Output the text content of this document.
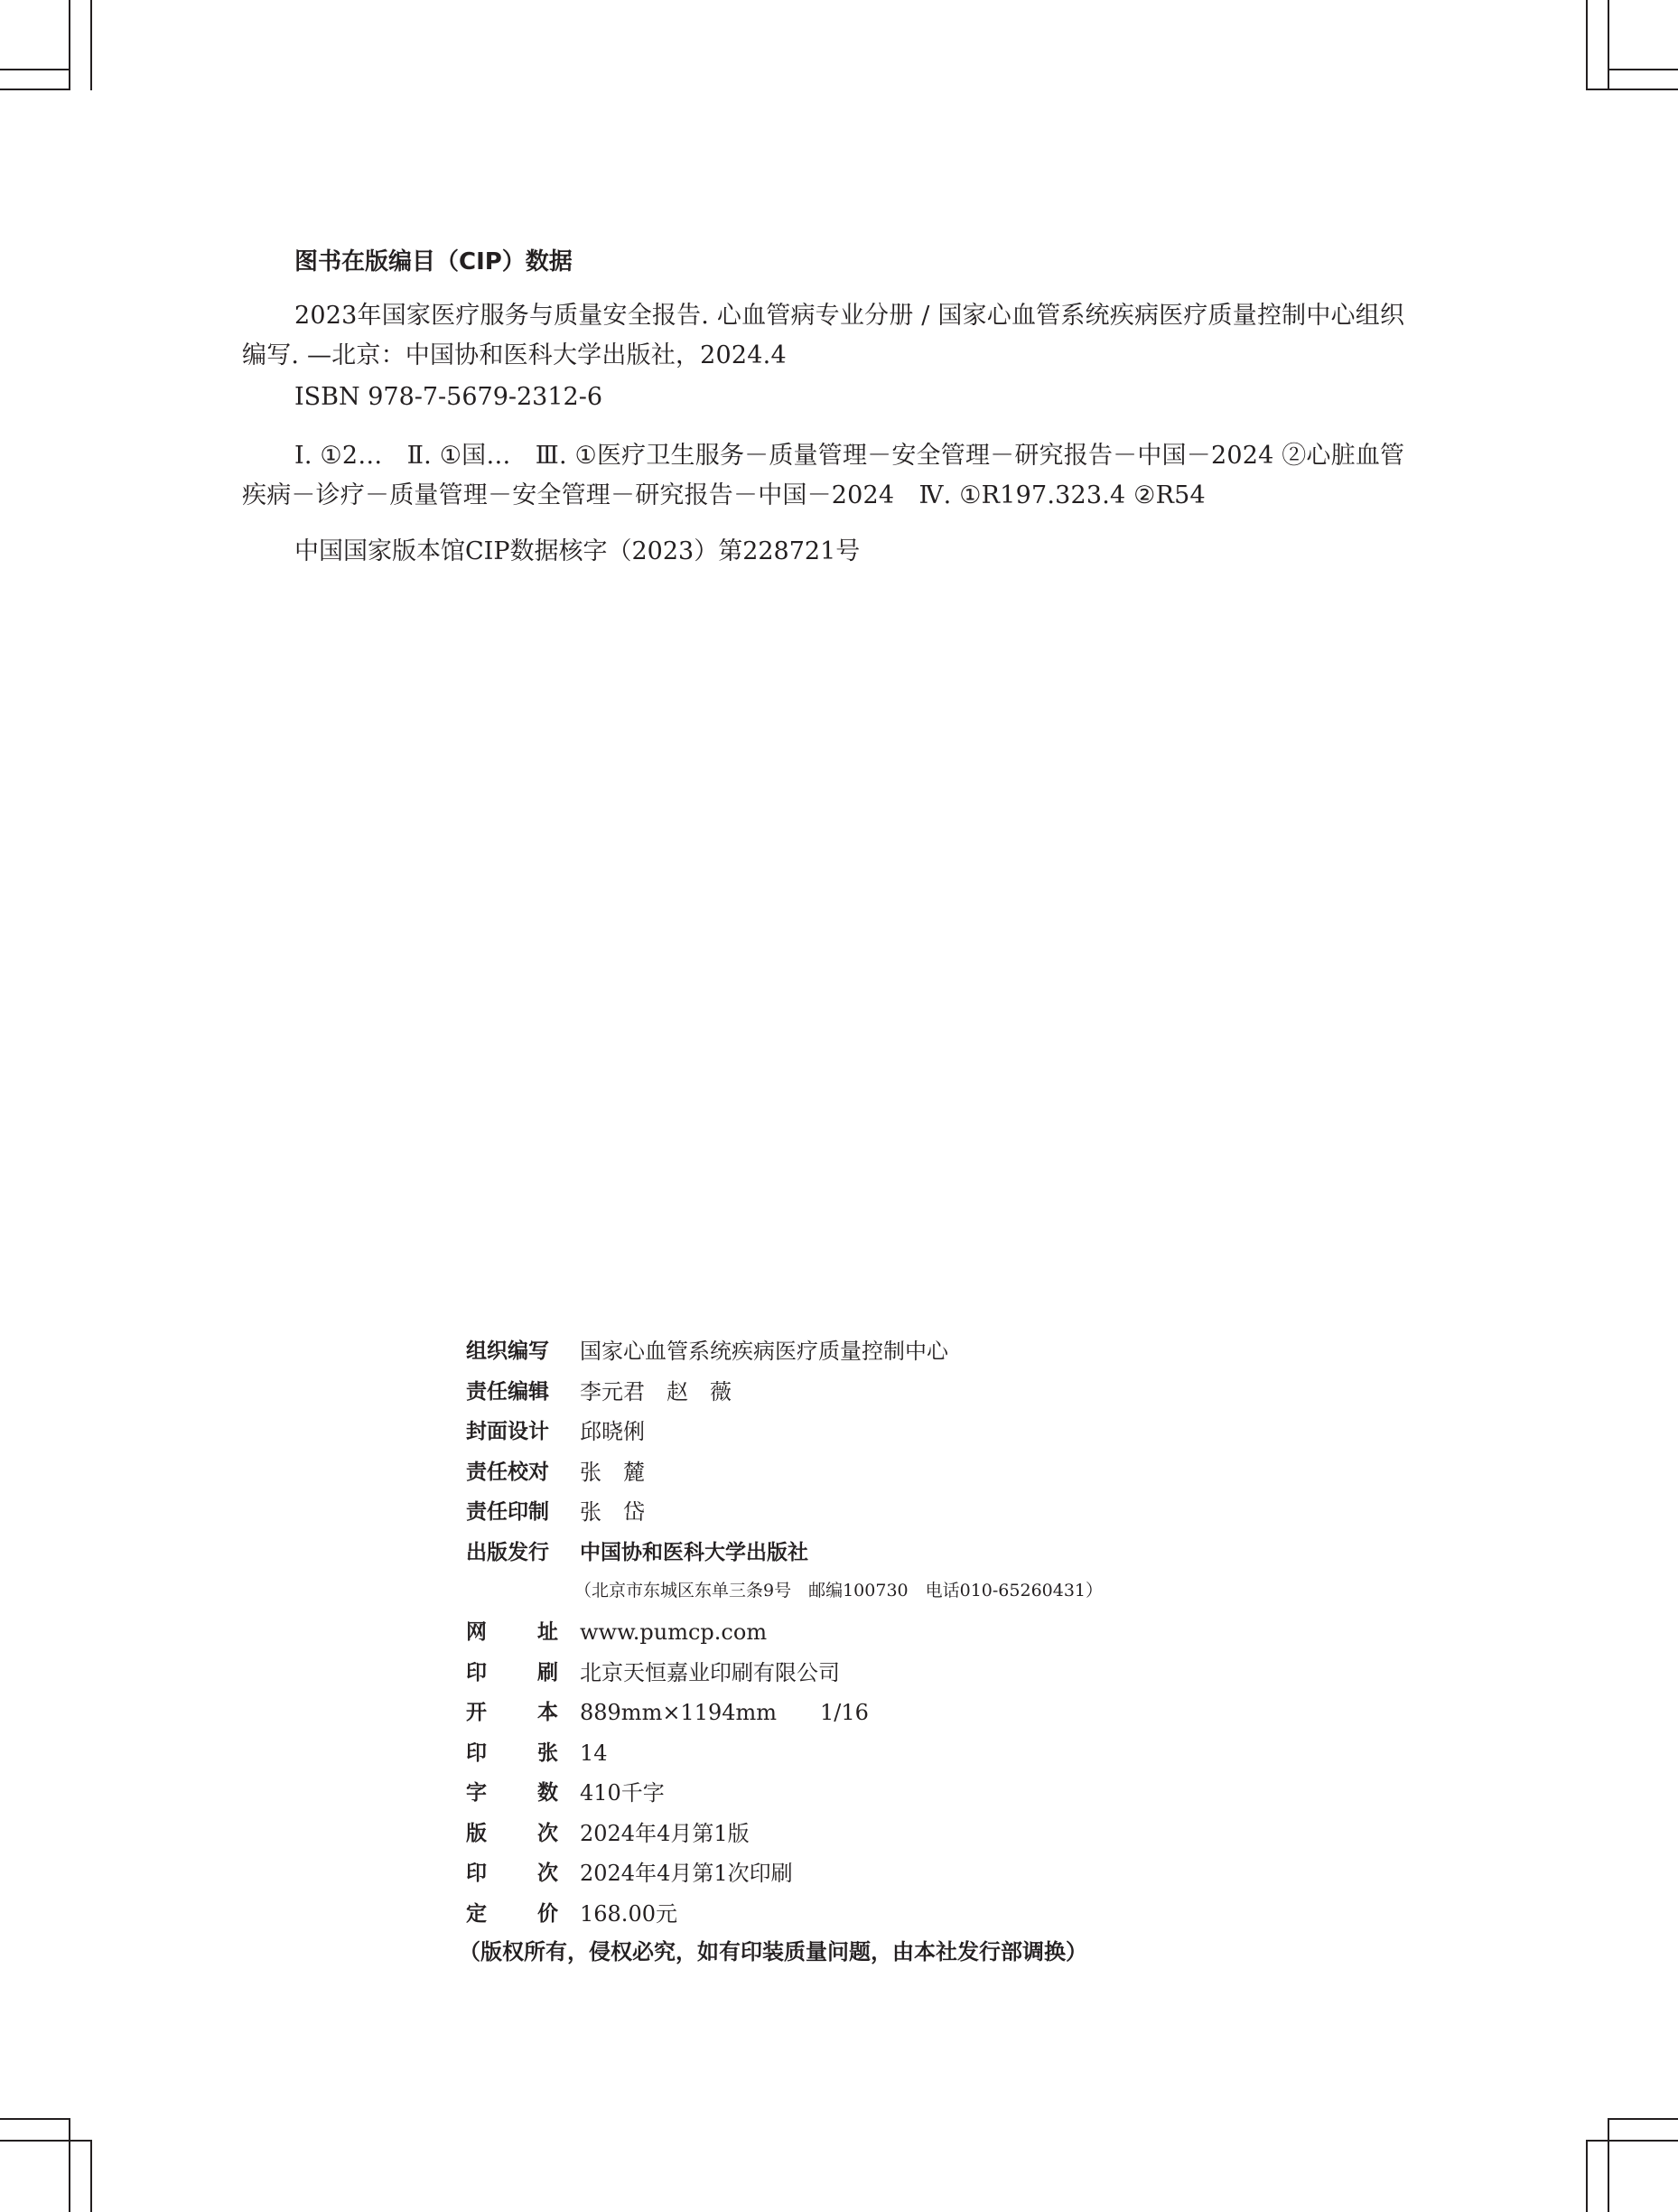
图书在版编目（CIP）数据
2023年国家医疗服务与质量安全报告. 心血管病专业分册 / 国家心血管系统疾病医疗质量控制中心组织编写. —北京：中国协和医科大学出版社，2024.4
ISBN 978-7-5679-2312-6
Ⅰ. ①2…　Ⅱ. ①国…　Ⅲ. ①医疗卫生服务－质量管理－安全管理－研究报告－中国－2024 ②心脏血管疾病－诊疗－质量管理－安全管理－研究报告－中国－2024　Ⅳ. ①R197.323.4 ②R54
中国国家版本馆CIP数据核字（2023）第228721号
组织编写	国家心血管系统疾病医疗质量控制中心
责任编辑	李元君　赵　薇
封面设计	邱晓俐
责任校对	张　麓
责任印制	张　岱
出版发行	中国协和医科大学出版社
（北京市东城区东单三条9号　邮编100730　电话010-65260431）
网 址 www.pumcp.com
印 刷 北京天恒嘉业印刷有限公司
开 本 889mm×1194mm　　1/16
印 张 14
字 数 410千字
版 次 2024年4月第1版
印 次 2024年4月第1次印刷
定 价 168.00元
（版权所有，侵权必究，如有印装质量问题，由本社发行部调换）
